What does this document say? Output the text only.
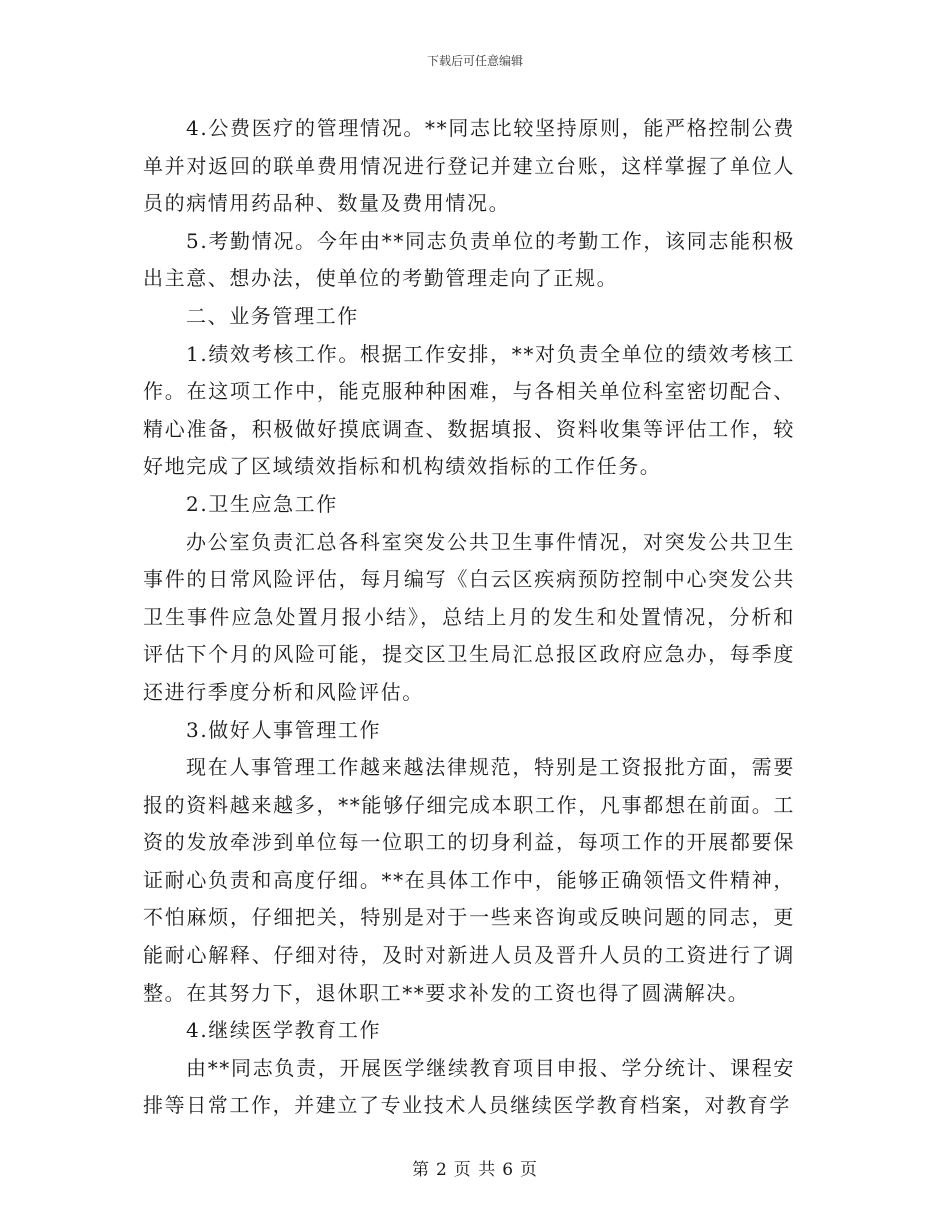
下载后可任意编辑

4.公费医疗的管理情况。**同志比较坚持原则，能严格控制公费单并对返回的联单费用情况进行登记并建立台账，这样掌握了单位人员的病情用药品种、数量及费用情况。

5.考勤情况。今年由**同志负责单位的考勤工作，该同志能积极出主意、想办法，使单位的考勤管理走向了正规。

二、业务管理工作

1.绩效考核工作。根据工作安排，**对负责全单位的绩效考核工作。在这项工作中，能克服种种困难，与各相关单位科室密切配合、精心准备，积极做好摸底调查、数据填报、资料收集等评估工作，较好地完成了区域绩效指标和机构绩效指标的工作任务。

2.卫生应急工作

办公室负责汇总各科室突发公共卫生事件情况，对突发公共卫生事件的日常风险评估，每月编写《白云区疾病预防控制中心突发公共卫生事件应急处置月报小结》，总结上月的发生和处置情况，分析和评估下个月的风险可能，提交区卫生局汇总报区政府应急办，每季度还进行季度分析和风险评估。

3.做好人事管理工作

现在人事管理工作越来越法律规范，特别是工资报批方面，需要报的资料越来越多，**能够仔细完成本职工作，凡事都想在前面。工资的发放牵涉到单位每一位职工的切身利益，每项工作的开展都要保证耐心负责和高度仔细。**在具体工作中，能够正确领悟文件精神，不怕麻烦，仔细把关，特别是对于一些来咨询或反映问题的同志，更能耐心解释、仔细对待，及时对新进人员及晋升人员的工资进行了调整。在其努力下，退休职工**要求补发的工资也得了圆满解决。

4.继续医学教育工作

由**同志负责，开展医学继续教育项目申报、学分统计、课程安排等日常工作，并建立了专业技术人员继续医学教育档案，对教育学

第 2 页 共 6 页
